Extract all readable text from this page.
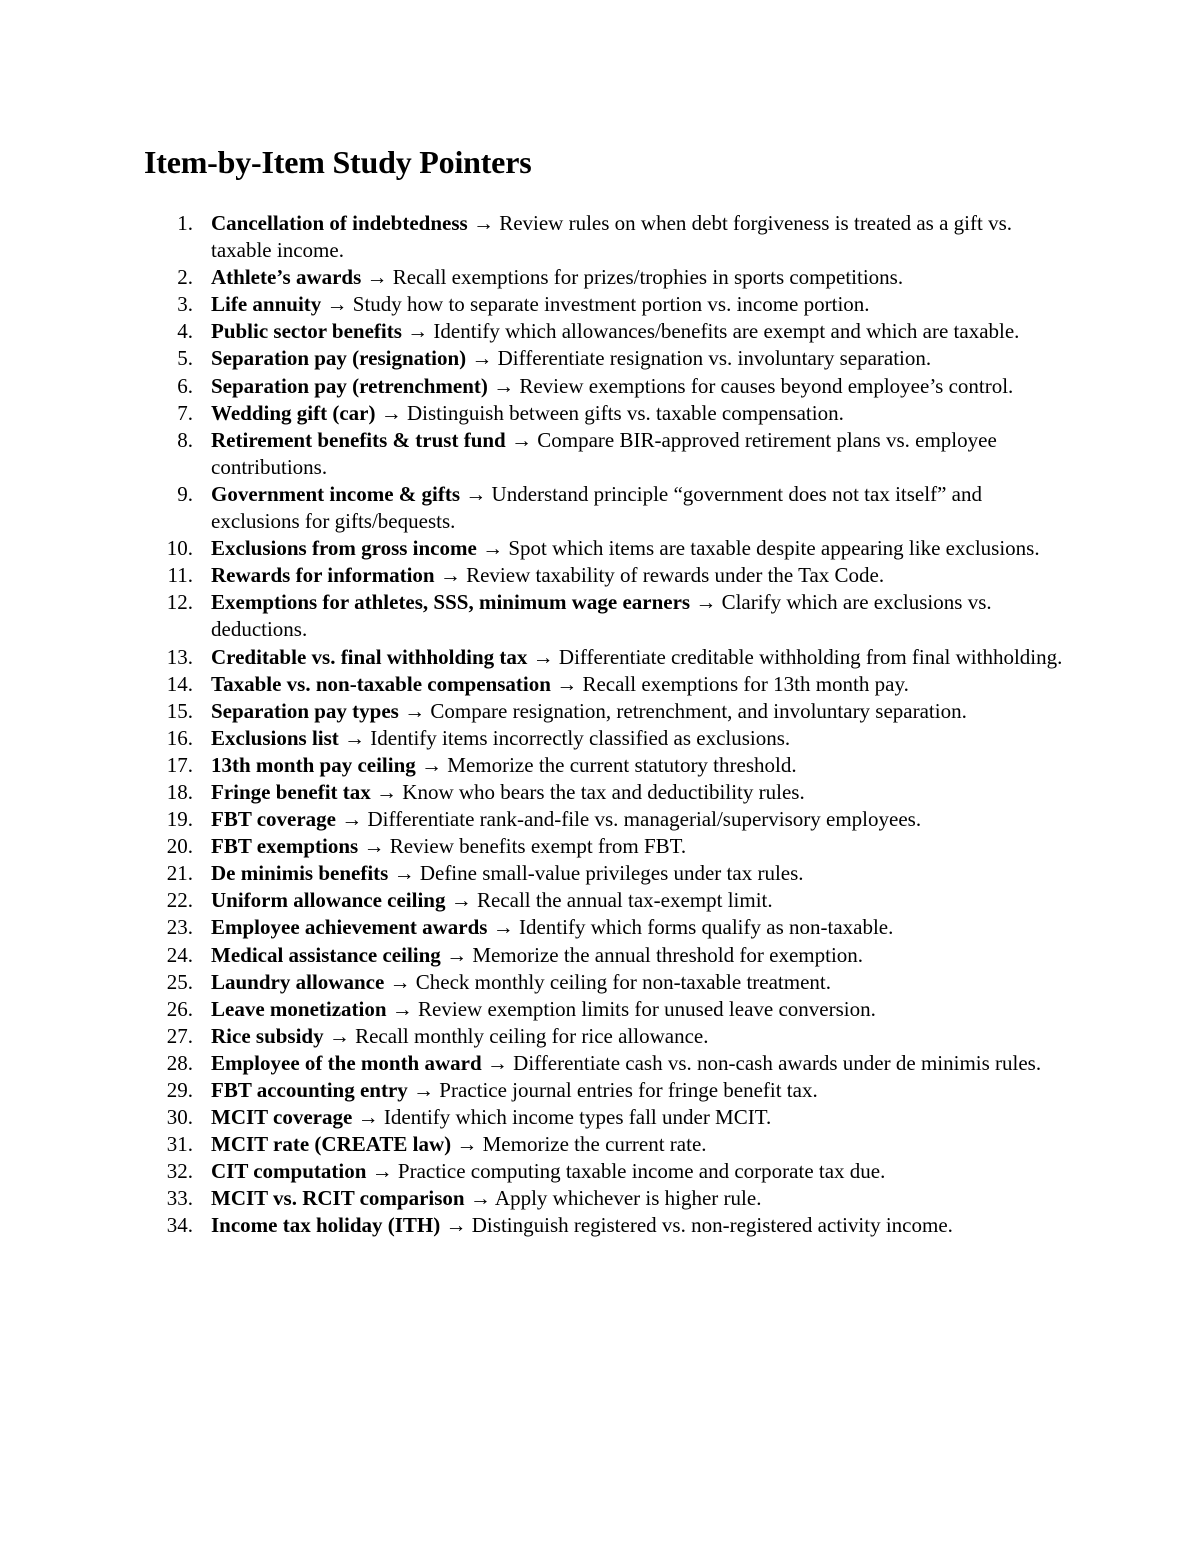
Item-by-Item Study Pointers
1. Cancellation of indebtedness → Review rules on when debt forgiveness is treated as a gift vs. taxable income.
2. Athlete’s awards → Recall exemptions for prizes/trophies in sports competitions.
3. Life annuity → Study how to separate investment portion vs. income portion.
4. Public sector benefits → Identify which allowances/benefits are exempt and which are taxable.
5. Separation pay (resignation) → Differentiate resignation vs. involuntary separation.
6. Separation pay (retrenchment) → Review exemptions for causes beyond employee’s control.
7. Wedding gift (car) → Distinguish between gifts vs. taxable compensation.
8. Retirement benefits & trust fund → Compare BIR-approved retirement plans vs. employee contributions.
9. Government income & gifts → Understand principle “government does not tax itself” and exclusions for gifts/bequests.
10. Exclusions from gross income → Spot which items are taxable despite appearing like exclusions.
11. Rewards for information → Review taxability of rewards under the Tax Code.
12. Exemptions for athletes, SSS, minimum wage earners → Clarify which are exclusions vs. deductions.
13. Creditable vs. final withholding tax → Differentiate creditable withholding from final withholding.
14. Taxable vs. non-taxable compensation → Recall exemptions for 13th month pay.
15. Separation pay types → Compare resignation, retrenchment, and involuntary separation.
16. Exclusions list → Identify items incorrectly classified as exclusions.
17. 13th month pay ceiling → Memorize the current statutory threshold.
18. Fringe benefit tax → Know who bears the tax and deductibility rules.
19. FBT coverage → Differentiate rank-and-file vs. managerial/supervisory employees.
20. FBT exemptions → Review benefits exempt from FBT.
21. De minimis benefits → Define small-value privileges under tax rules.
22. Uniform allowance ceiling → Recall the annual tax-exempt limit.
23. Employee achievement awards → Identify which forms qualify as non-taxable.
24. Medical assistance ceiling → Memorize the annual threshold for exemption.
25. Laundry allowance → Check monthly ceiling for non-taxable treatment.
26. Leave monetization → Review exemption limits for unused leave conversion.
27. Rice subsidy → Recall monthly ceiling for rice allowance.
28. Employee of the month award → Differentiate cash vs. non-cash awards under de minimis rules.
29. FBT accounting entry → Practice journal entries for fringe benefit tax.
30. MCIT coverage → Identify which income types fall under MCIT.
31. MCIT rate (CREATE law) → Memorize the current rate.
32. CIT computation → Practice computing taxable income and corporate tax due.
33. MCIT vs. RCIT comparison → Apply whichever is higher rule.
34. Income tax holiday (ITH) → Distinguish registered vs. non-registered activity income.
